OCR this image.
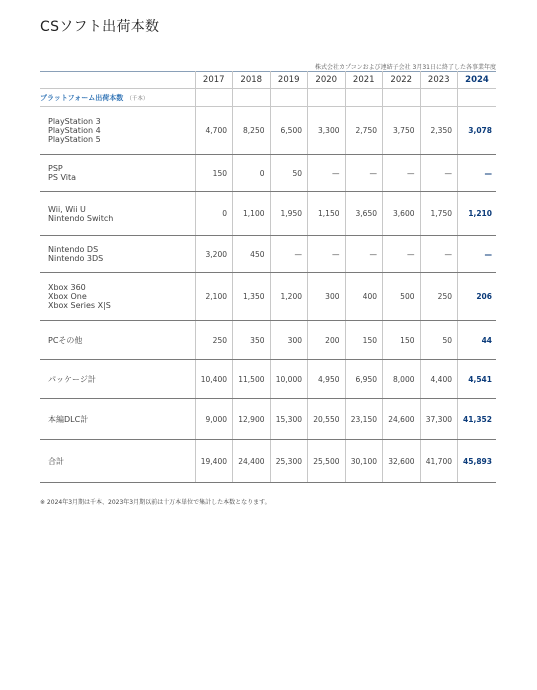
CSソフト出荷本数
株式会社カプコンおよび連結子会社 3月31日に終了した各事業年度
	2017	2018	2019	2020	2021	2022	2023	2024
プラットフォーム出荷本数 （千本）								

PlayStation 3
PlayStation 4
PlayStation 5	4,700	8,250	6,500	3,300	2,750	3,750	2,350	3,078

PSP
PS Vita	150	0	50	—	—	—	—	—

Wii, Wii U
Nintendo Switch	0	1,100	1,950	1,150	3,650	3,600	1,750	1,210

Nintendo DS
Nintendo 3DS	3,200	450	—	—	—	—	—	—

Xbox 360
Xbox One
Xbox Series X|S	2,100	1,350	1,200	300	400	500	250	206

PCその他	250	350	300	200	150	150	50	44

パッケージ計	10,400	11,500	10,000	4,950	6,950	8,000	4,400	4,541

本編DLC計	9,000	12,900	15,300	20,550	23,150	24,600	37,300	41,352

合計	19,400	24,400	25,300	25,500	30,100	32,600	41,700	45,893
※ 2024年3月期は千本、2023年3月期以前は十万本単位で集計した本数となります。
